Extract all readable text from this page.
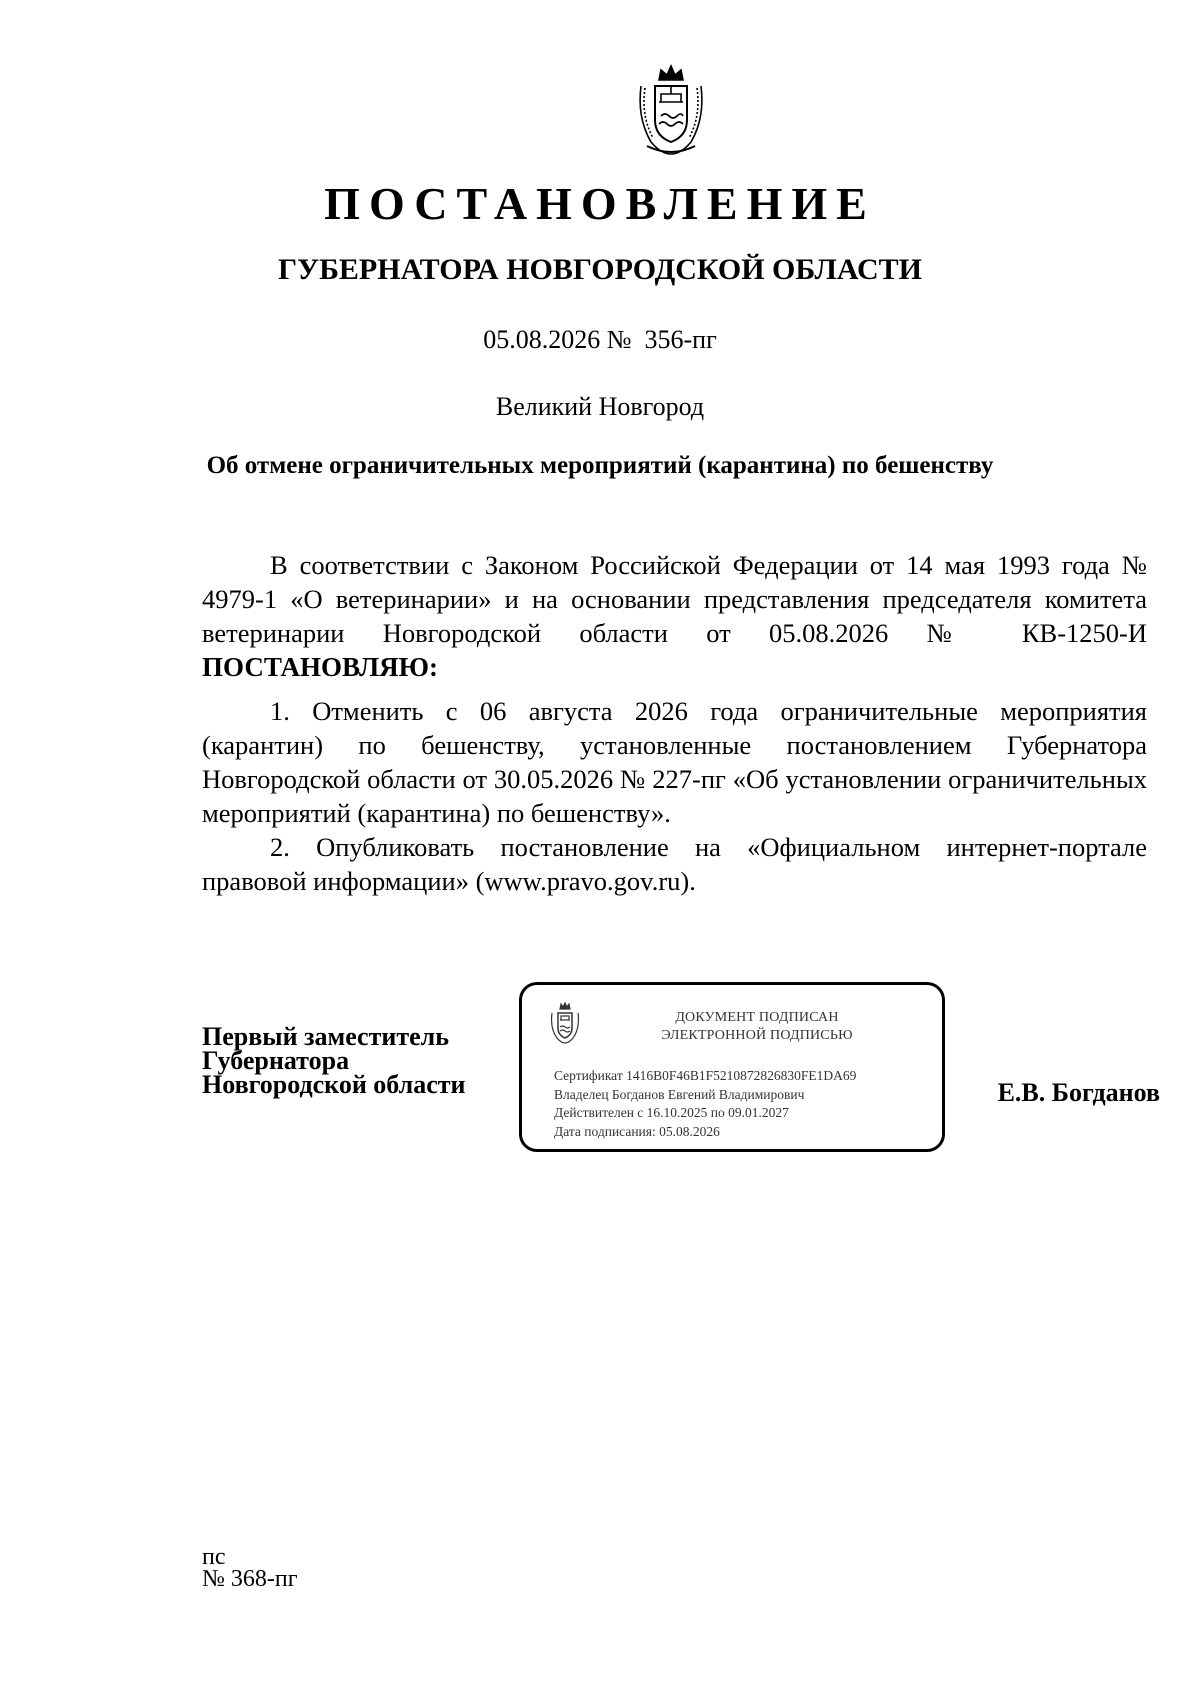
ПОСТАНОВЛЕНИЕ
ГУБЕРНАТОРА НОВГОРОДСКОЙ ОБЛАСТИ
05.08.2026 №  356-пг
Великий Новгород
Об отмене ограничительных мероприятий (карантина) по бешенству

В соответствии с Законом Российской Федерации от 14 мая 1993 года № 4979-1 «О ветеринарии» и на основании представления председателя комитета ветеринарии Новгородской области от 05.08.2026 № КВ-1250-И ПОСТАНОВЛЯЮ:

1. Отменить с 06 августа 2026 года ограничительные мероприятия (карантин) по бешенству, установленные постановлением Губернатора Новгородской области от 30.05.2026 № 227-пг «Об установлении ограничительных мероприятий (карантина) по бешенству».

2. Опубликовать постановление на «Официальном интернет-портале правовой информации» (www.pravo.gov.ru).

Первый заместитель
Губернатора
Новгородской области
ДОКУМЕНТ ПОДПИСАН
ЭЛЕКТРОННОЙ ПОДПИСЬЮ
Сертификат 1416B0F46B1F5210872826830FE1DA69
Владелец Богданов Евгений Владимирович
Действителен с 16.10.2025 по 09.01.2027
Дата подписания: 05.08.2026
Е.В. Богданов
пс
№ 368-пг
